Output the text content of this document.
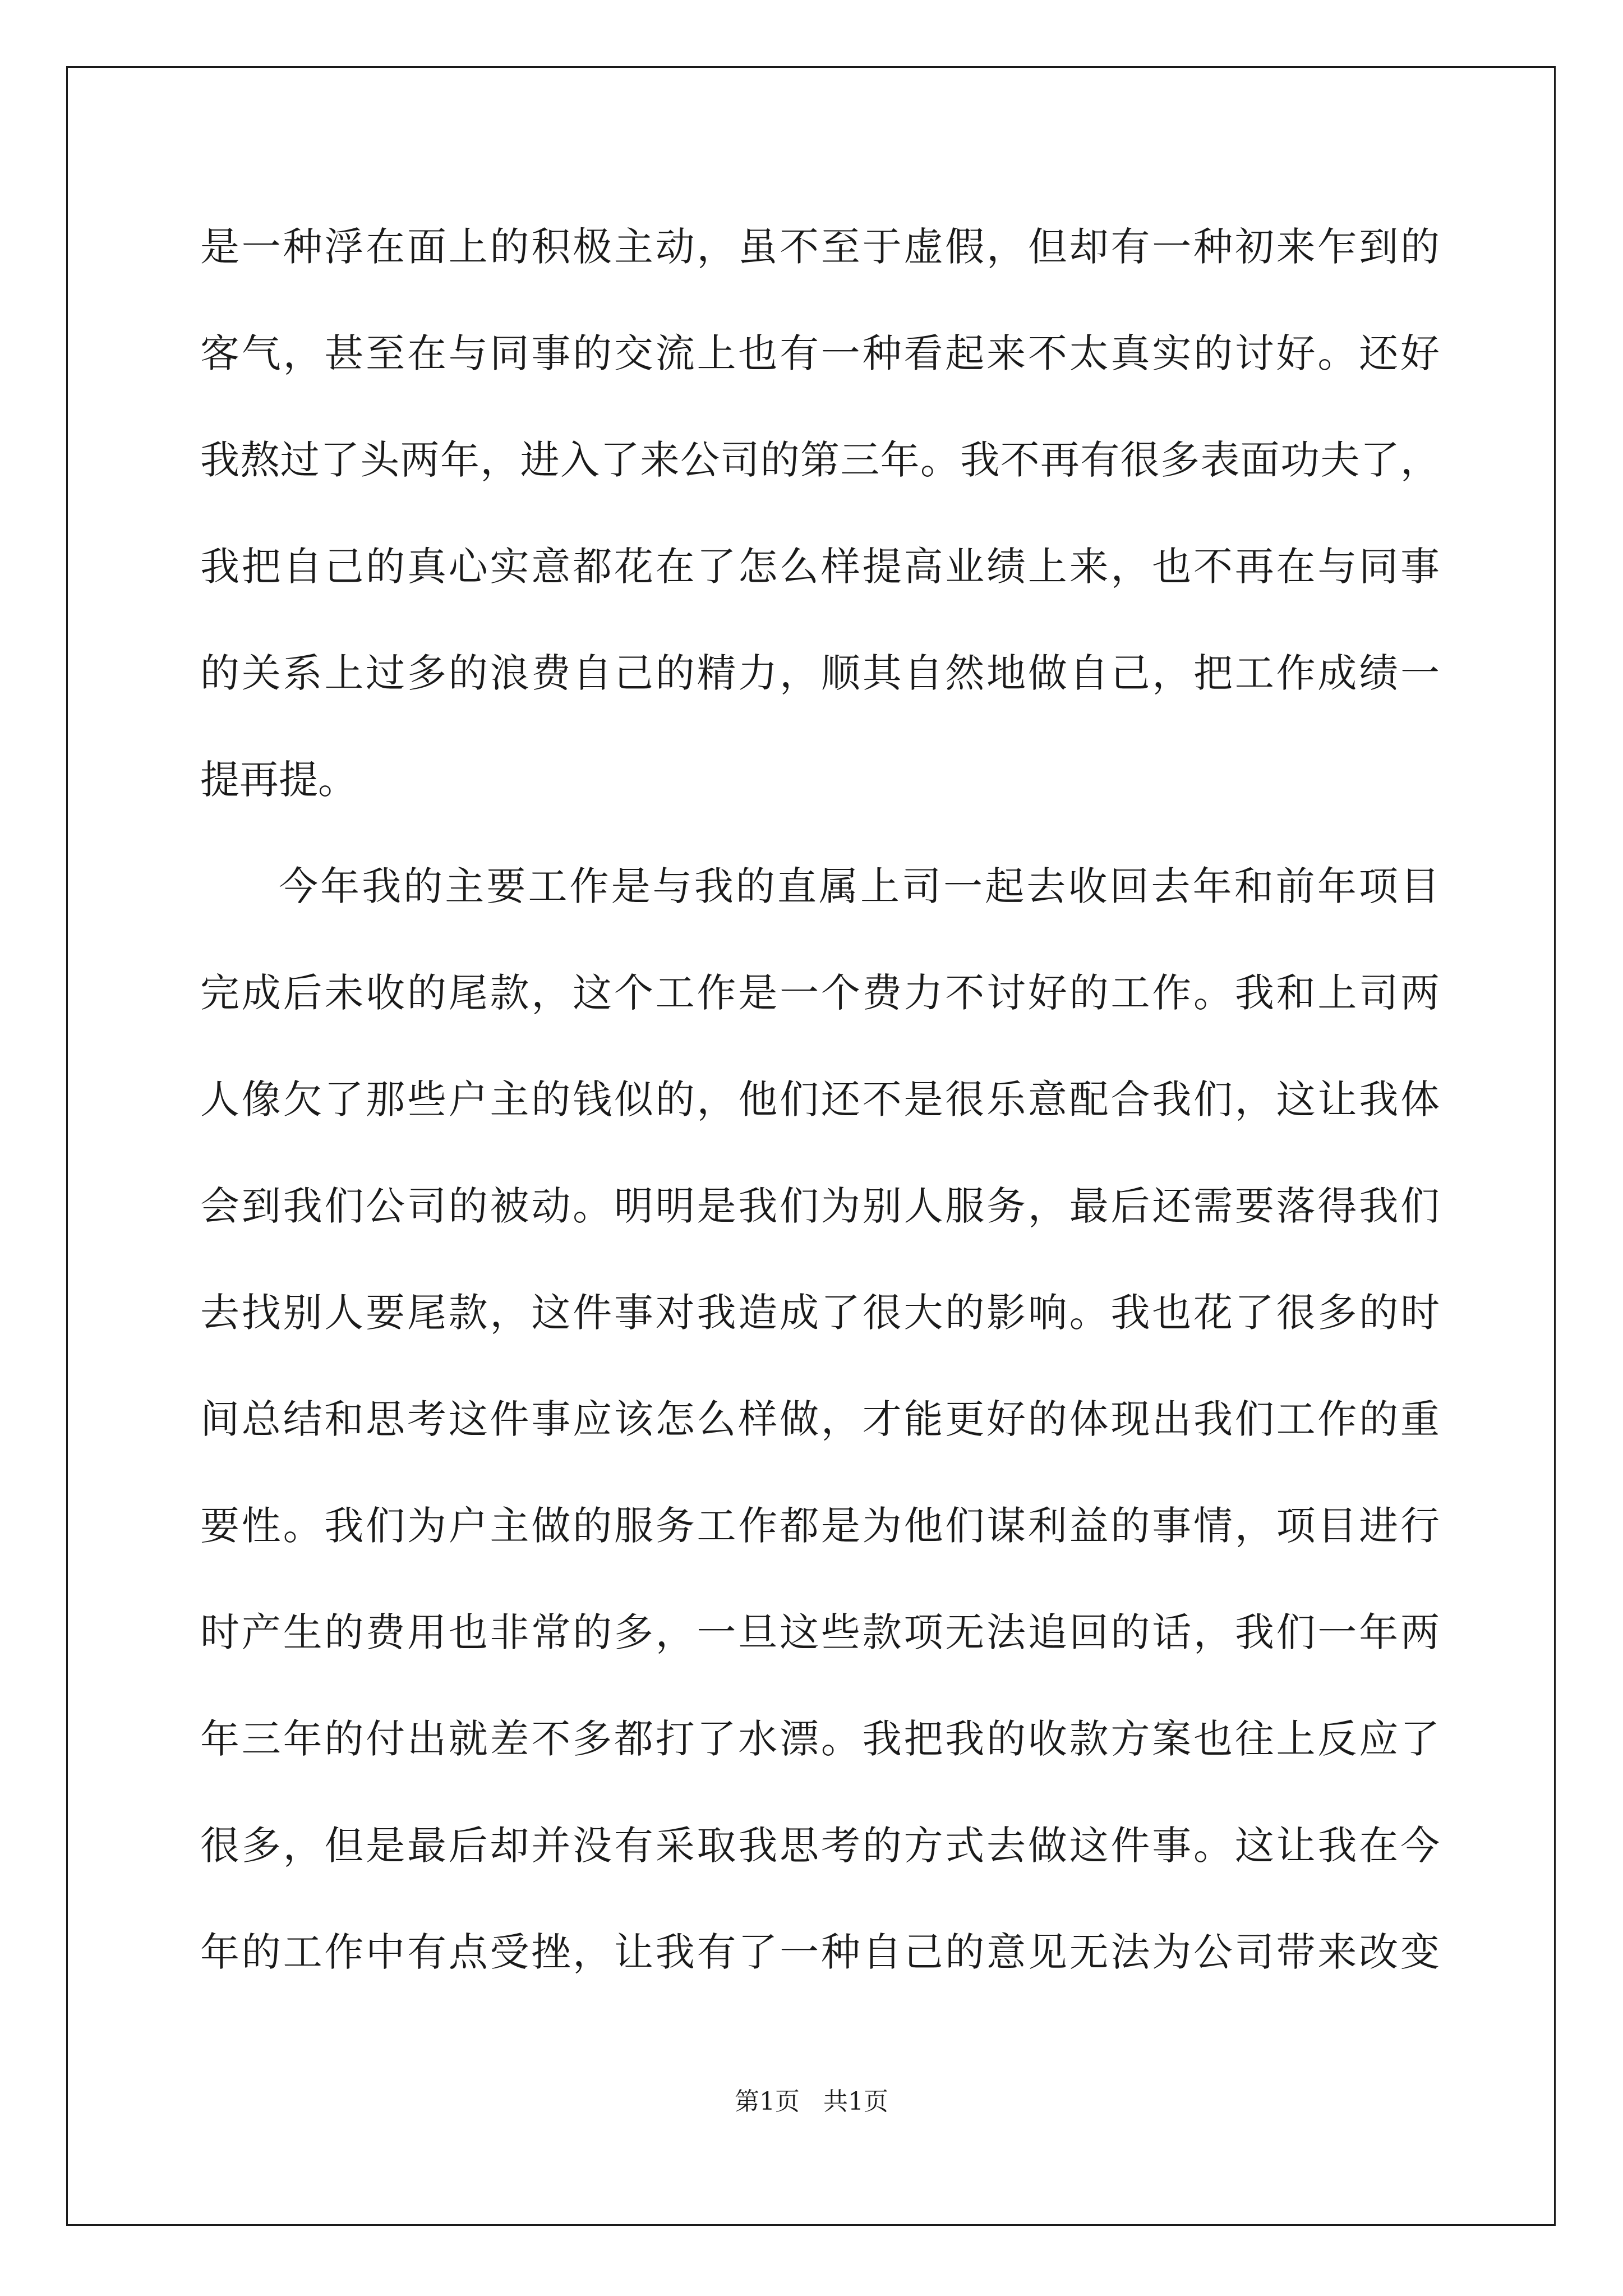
是一种浮在面上的积极主动，虽不至于虚假，但却有一种初来乍到的
客气，甚至在与同事的交流上也有一种看起来不太真实的讨好。还好
我熬过了头两年，进入了来公司的第三年。我不再有很多表面功夫了，
我把自己的真心实意都花在了怎么样提高业绩上来，也不再在与同事
的关系上过多的浪费自己的精力，顺其自然地做自己，把工作成绩一
提再提。
今年我的主要工作是与我的直属上司一起去收回去年和前年项目
完成后未收的尾款，这个工作是一个费力不讨好的工作。我和上司两
人像欠了那些户主的钱似的，他们还不是很乐意配合我们，这让我体
会到我们公司的被动。明明是我们为别人服务，最后还需要落得我们
去找别人要尾款，这件事对我造成了很大的影响。我也花了很多的时
间总结和思考这件事应该怎么样做，才能更好的体现出我们工作的重
要性。我们为户主做的服务工作都是为他们谋利益的事情，项目进行
时产生的费用也非常的多，一旦这些款项无法追回的话，我们一年两
年三年的付出就差不多都打了水漂。我把我的收款方案也往上反应了
很多，但是最后却并没有采取我思考的方式去做这件事。这让我在今
年的工作中有点受挫，让我有了一种自己的意见无法为公司带来改变
第1页   共1页
